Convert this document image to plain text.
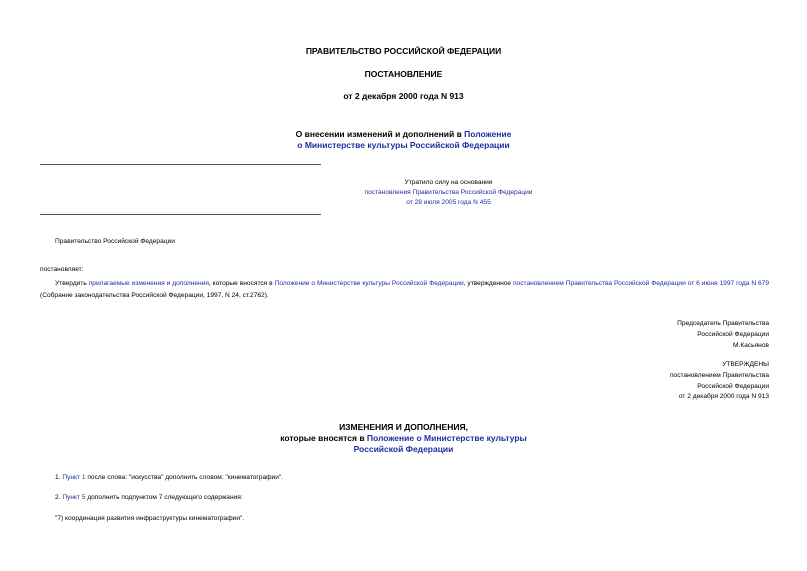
ПРАВИТЕЛЬСТВО РОССИЙСКОЙ ФЕДЕРАЦИИ
ПОСТАНОВЛЕНИЕ
от 2 декабря 2000 года N 913
О внесении изменений и дополнений в Положение
о Министерстве культуры Российской Федерации
Утратило силу на основании
постановления Правительства Российской Федерации
от 28 июля 2005 года N 455
Правительство Российской Федерации
постановляет:
Утвердить прилагаемые изменения и дополнения, которые вносятся в Положение о Министерстве культуры Российской Федерации, утвержденное постановлением Правительства Российской Федерации от 6 июня 1997 года N 679 (Собрание законодательства Российской Федерации, 1997, N 24, ст.2762).
Председатель Правительства
Российской Федерации
М.Касьянов
УТВЕРЖДЕНЫ
постановлением Правительства
Российской Федерации
от 2 декабря 2000 года N 913
ИЗМЕНЕНИЯ И ДОПОЛНЕНИЯ,
которые вносятся в Положение о Министерстве культуры
Российской Федерации
1. Пункт 1 после слова: "искусства" дополнить словом: "кинематографии".
2. Пункт 5 дополнить подпунктом 7 следующего содержания:
"7) координация развития инфраструктуры кинематографии".
